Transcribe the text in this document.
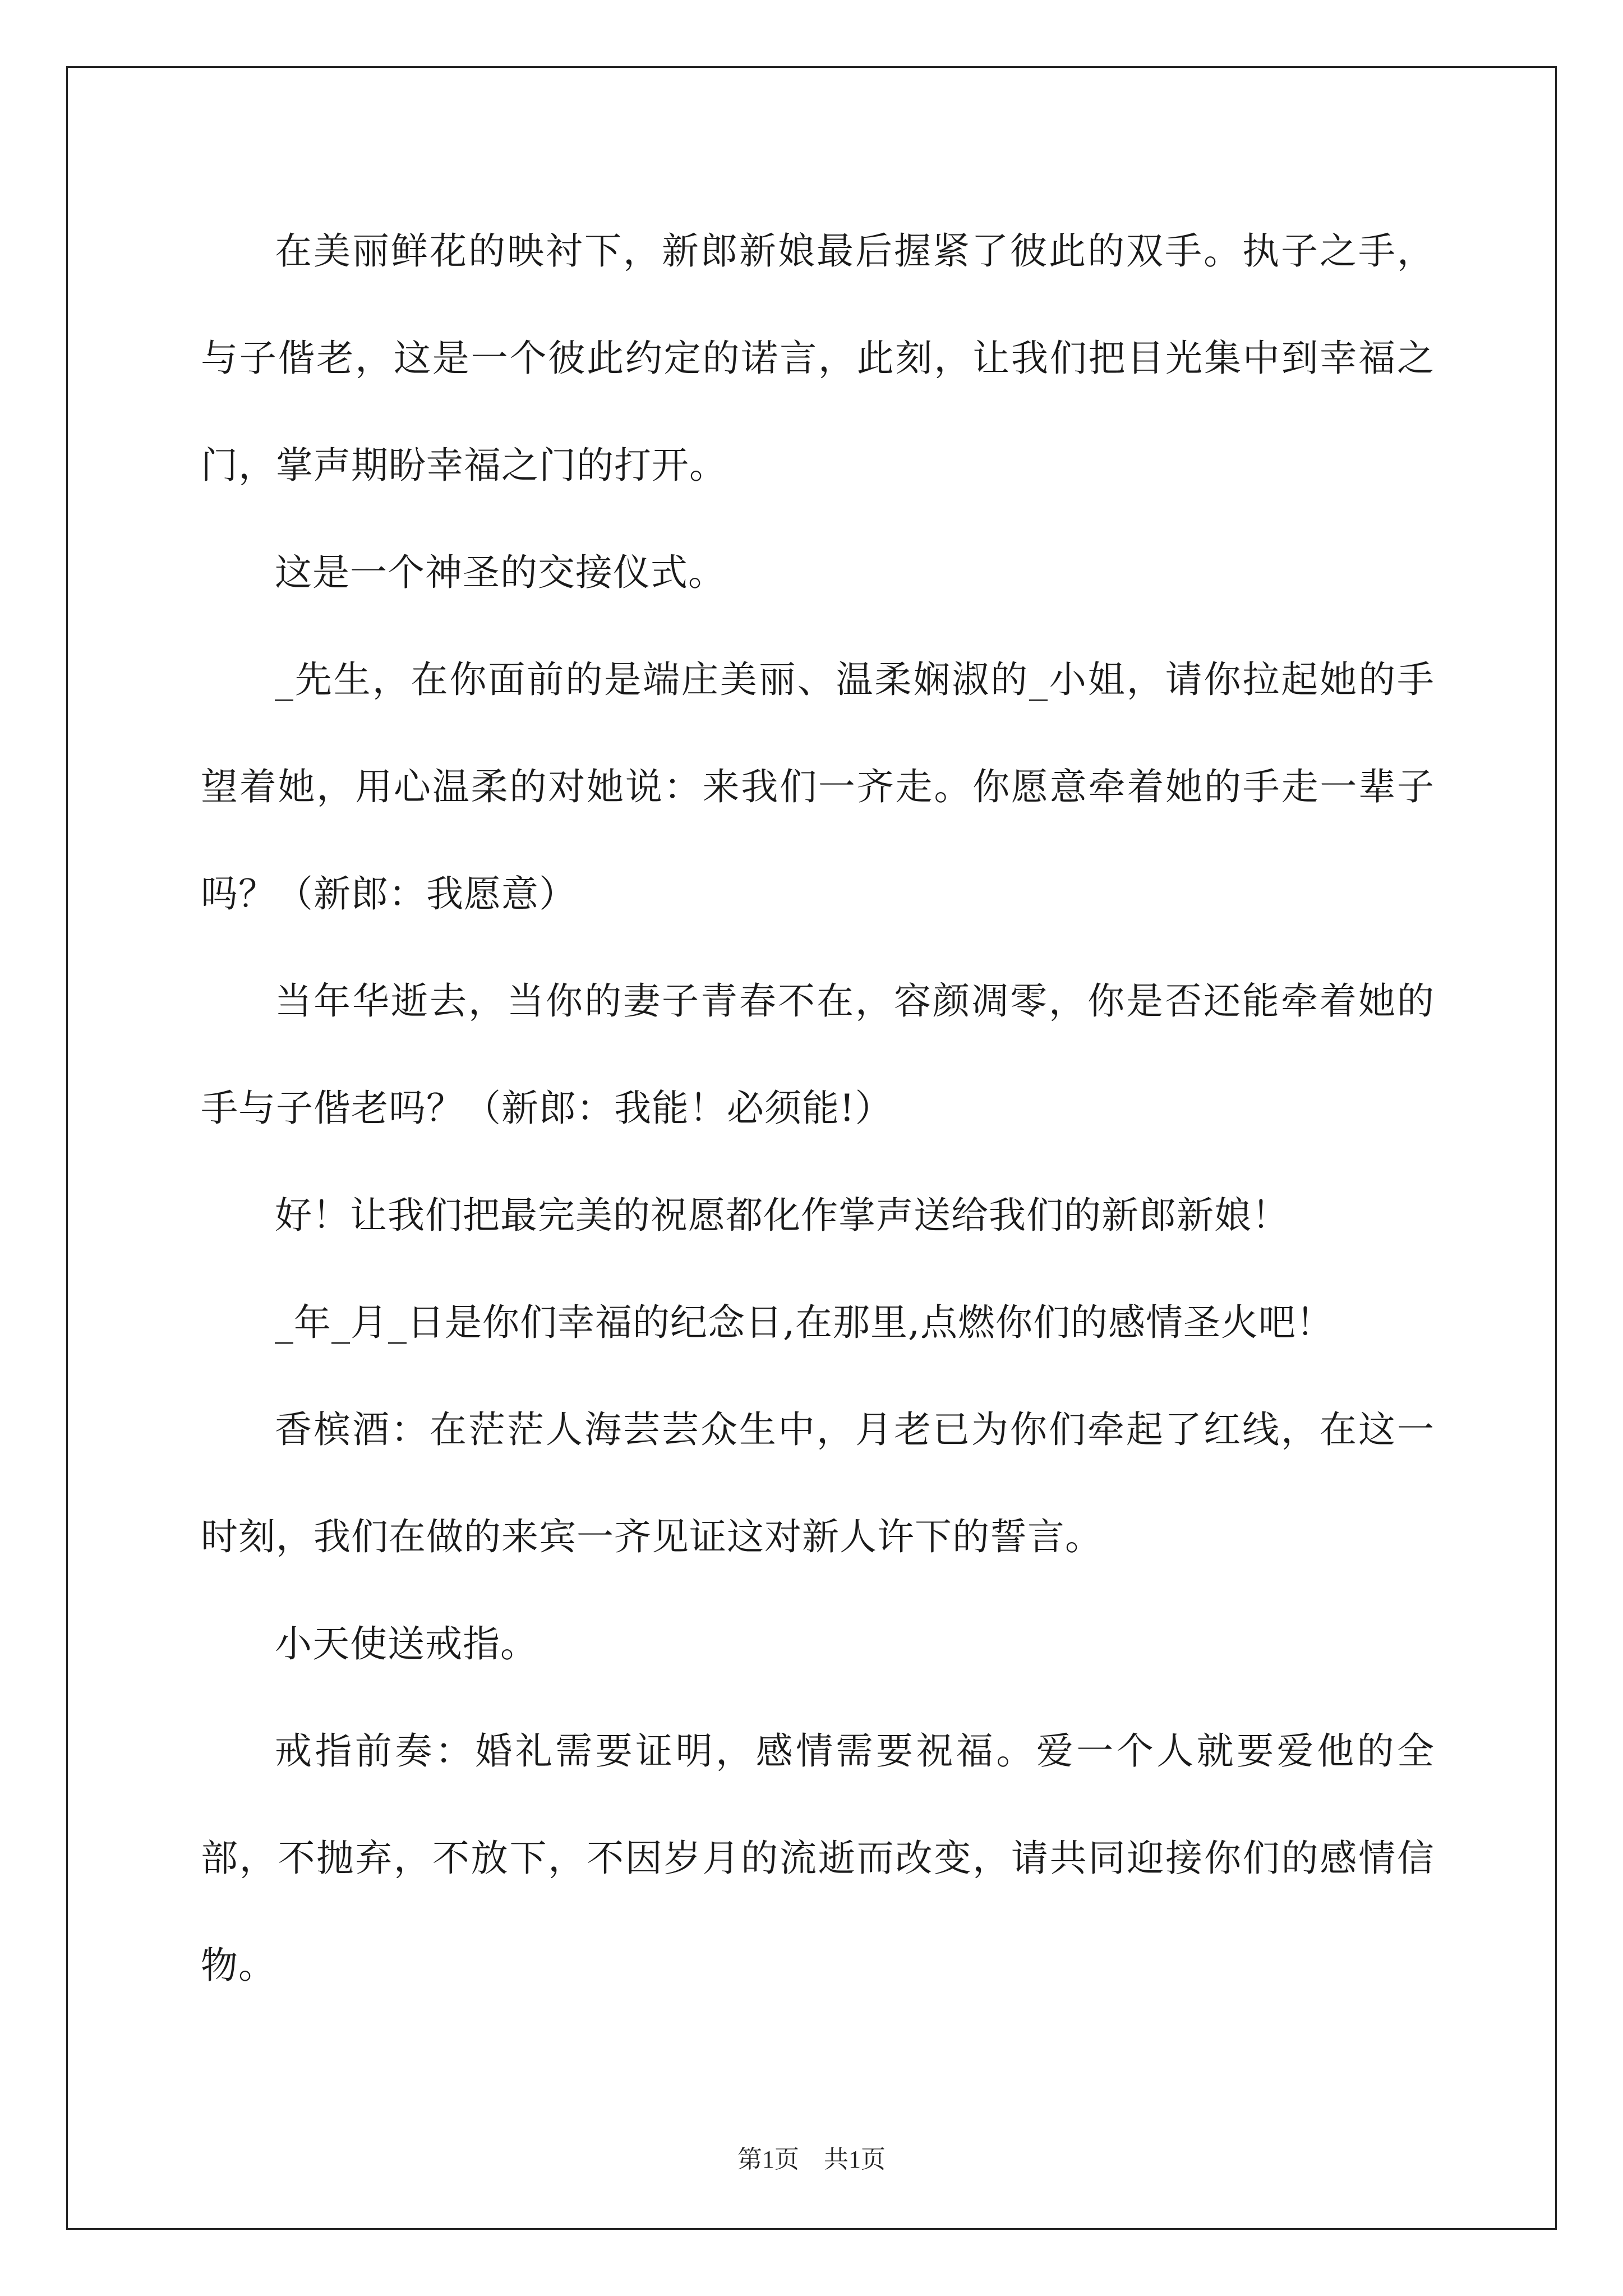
在美丽鲜花的映衬下，新郎新娘最后握紧了彼此的双手。执子之手，与子偕老，这是一个彼此约定的诺言，此刻，让我们把目光集中到幸福之门，掌声期盼幸福之门的打开。

这是一个神圣的交接仪式。

_先生，在你面前的是端庄美丽、温柔娴淑的_小姐，请你拉起她的手望着她，用心温柔的对她说：来我们一齐走。你愿意牵着她的手走一辈子吗？（新郎：我愿意）

当年华逝去，当你的妻子青春不在，容颜凋零，你是否还能牵着她的手与子偕老吗？（新郎：我能！必须能!）

好！让我们把最完美的祝愿都化作掌声送给我们的新郎新娘！

_年_月_日是你们幸福的纪念日,在那里,点燃你们的感情圣火吧！

香槟酒：在茫茫人海芸芸众生中，月老已为你们牵起了红线，在这一时刻，我们在做的来宾一齐见证这对新人许下的誓言。

小天使送戒指。

戒指前奏：婚礼需要证明，感情需要祝福。爱一个人就要爱他的全部，不抛弃，不放下，不因岁月的流逝而改变，请共同迎接你们的感情信物。

第1页　共1页
